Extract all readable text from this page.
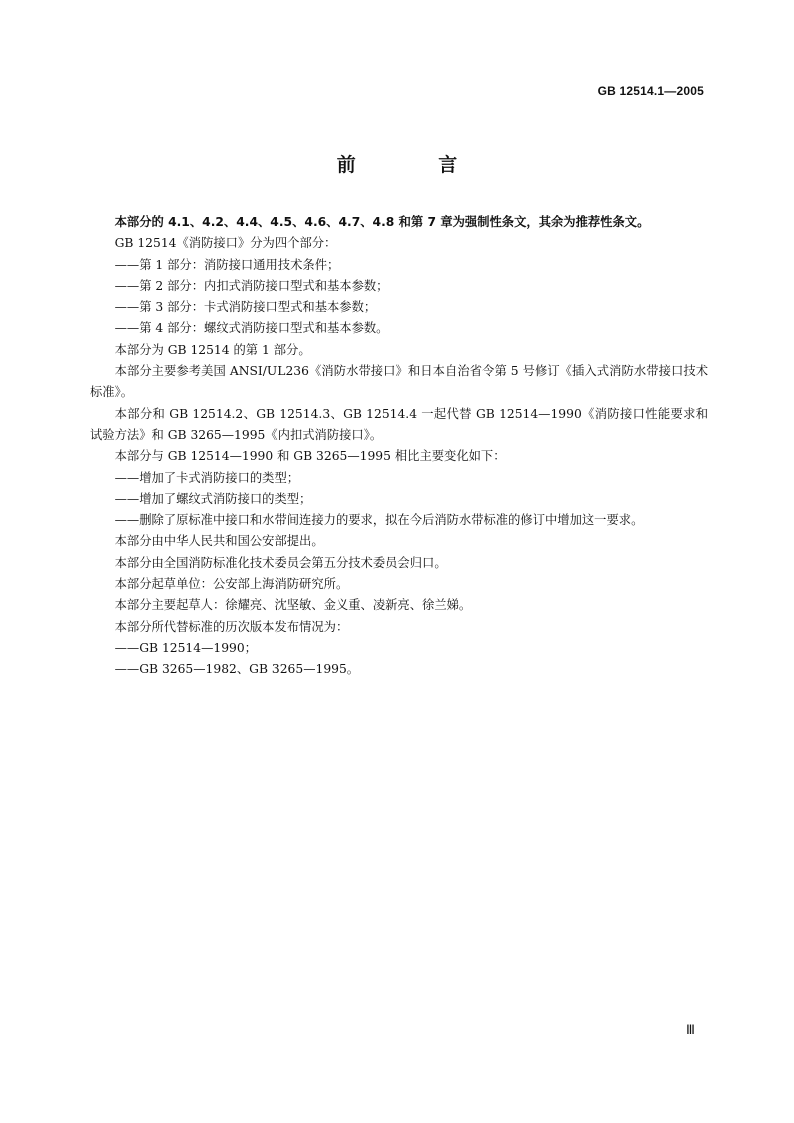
GB 12514.1—2005
前 言

本部分的 4.1、4.2、4.4、4.5、4.6、4.7、4.8 和第 7 章为强制性条文，其余为推荐性条文。

GB 12514《消防接口》分为四个部分：

——第 1 部分：消防接口通用技术条件；

——第 2 部分：内扣式消防接口型式和基本参数；

——第 3 部分：卡式消防接口型式和基本参数；

——第 4 部分：螺纹式消防接口型式和基本参数。

本部分为 GB 12514 的第 1 部分。

本部分主要参考美国 ANSI/UL236《消防水带接口》和日本自治省令第 5 号修订《插入式消防水带接口技术标准》。

本部分和 GB 12514.2、GB 12514.3、GB 12514.4 一起代替 GB 12514—1990《消防接口性能要求和试验方法》和 GB 3265—1995《内扣式消防接口》。

本部分与 GB 12514—1990 和 GB 3265—1995 相比主要变化如下：

——增加了卡式消防接口的类型；

——增加了螺纹式消防接口的类型；

——删除了原标准中接口和水带间连接力的要求，拟在今后消防水带标准的修订中增加这一要求。

本部分由中华人民共和国公安部提出。

本部分由全国消防标准化技术委员会第五分技术委员会归口。

本部分起草单位：公安部上海消防研究所。

本部分主要起草人：徐耀亮、沈坚敏、金义重、凌新亮、徐兰娣。

本部分所代替标准的历次版本发布情况为：

——GB 12514—1990；

——GB 3265—1982、GB 3265—1995。

Ⅲ
